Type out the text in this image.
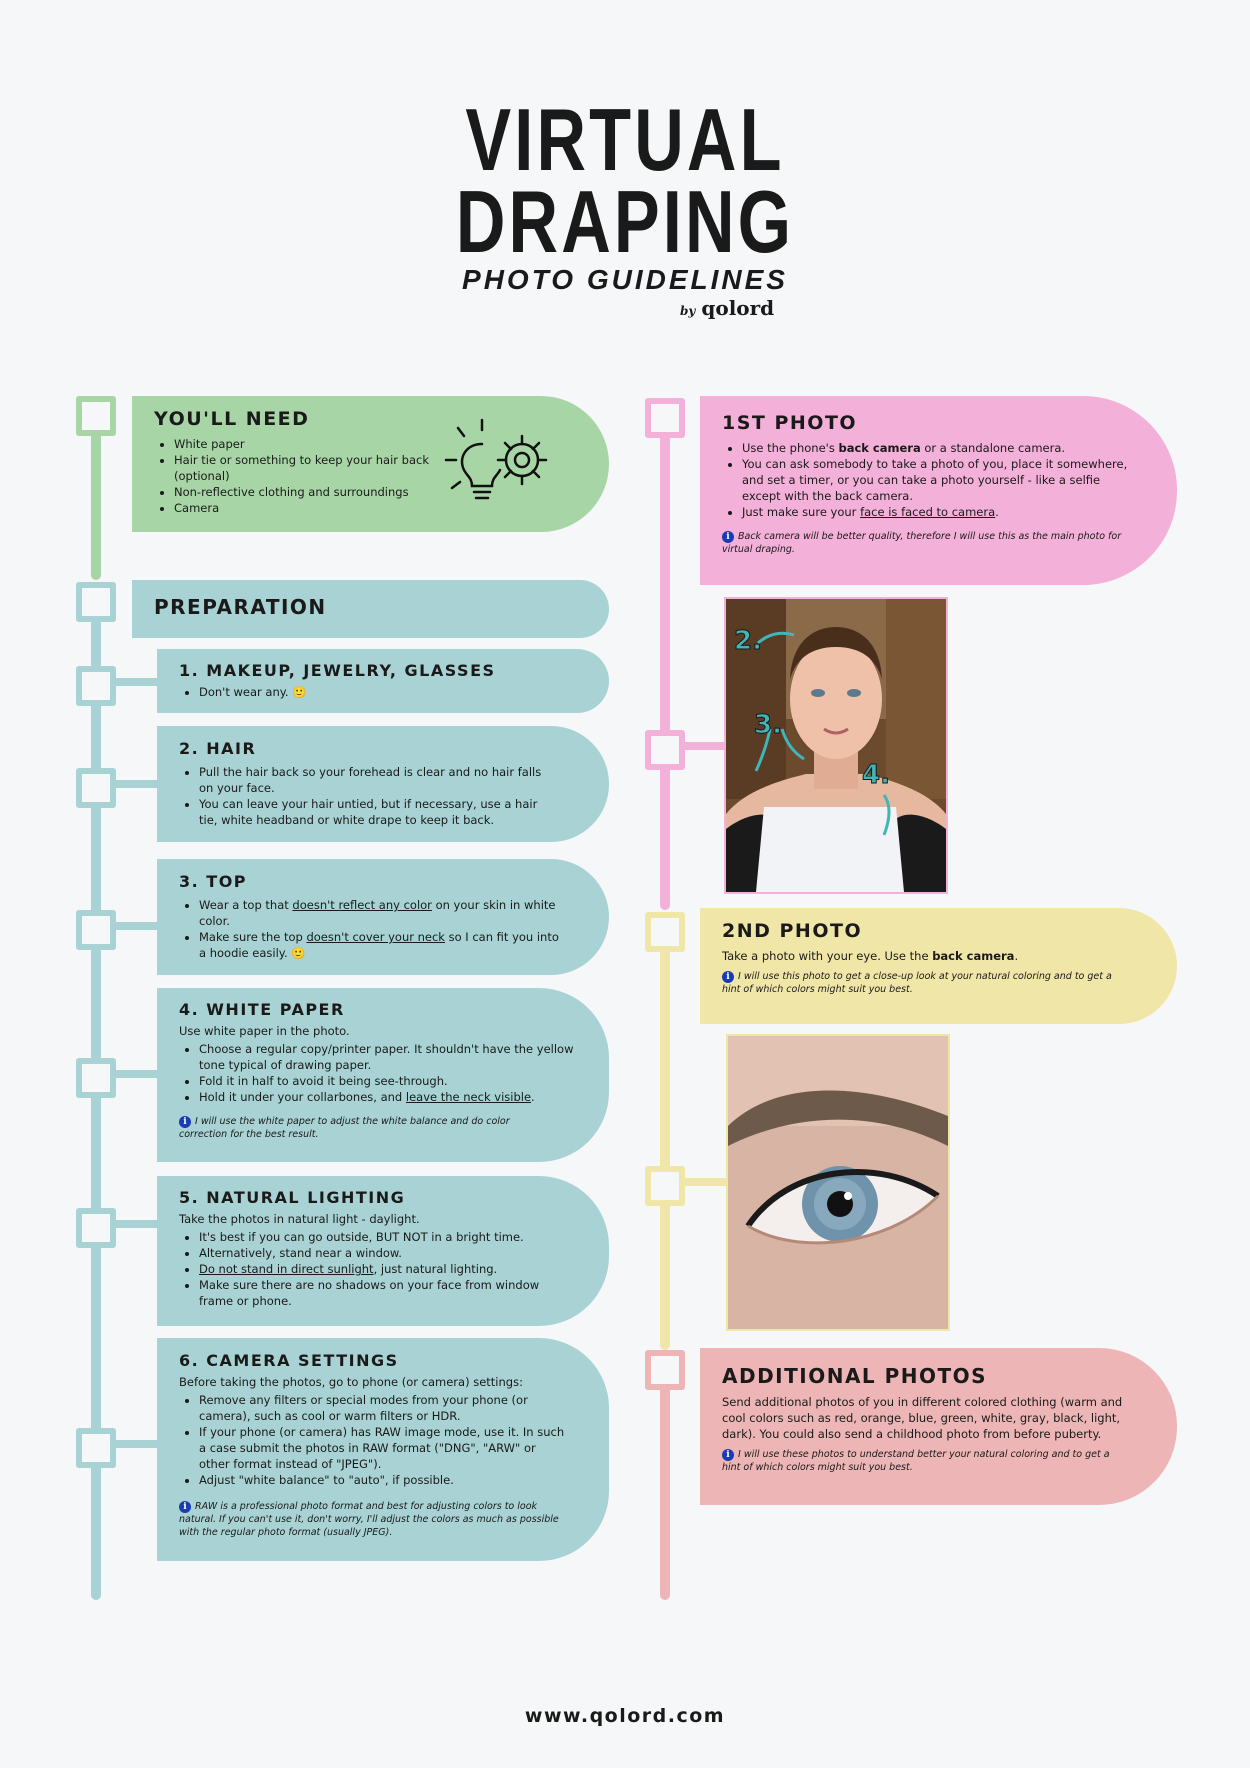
VIRTUAL
DRAPING
PHOTO GUIDELINES
by qolord
YOU'LL NEED
• White paper
• Hair tie or something to keep your hair back (optional)
• Non-reflective clothing and surroundings
• Camera
PREPARATION
1. MAKEUP, JEWELRY, GLASSES
• Don't wear any. 🙂
2. HAIR
• Pull the hair back so your forehead is clear and no hair falls on your face.
• You can leave your hair untied, but if necessary, use a hair tie, white headband or white drape to keep it back.
3. TOP
• Wear a top that doesn't reflect any color on your skin in white color.
• Make sure the top doesn't cover your neck so I can fit you into a hoodie easily. 🙂
4. WHITE PAPER

Use white paper in the photo.

• Choose a regular copy/printer paper. It shouldn't have the yellow tone typical of drawing paper.
• Fold it in half to avoid it being see-through.
• Hold it under your collarbones, and leave the neck visible.
i I will use the white paper to adjust the white balance and do color correction for the best result.
5. NATURAL LIGHTING

Take the photos in natural light - daylight.

• It's best if you can go outside, BUT NOT in a bright time.
• Alternatively, stand near a window.
• Do not stand in direct sunlight, just natural lighting.
• Make sure there are no shadows on your face from window frame or phone.
6. CAMERA SETTINGS

Before taking the photos, go to phone (or camera) settings:

• Remove any filters or special modes from your phone (or camera), such as cool or warm filters or HDR.
• If your phone (or camera) has RAW image mode, use it. In such a case submit the photos in RAW format ("DNG", "ARW" or other format instead of "JPEG").
• Adjust "white balance" to "auto", if possible.
i RAW is a professional photo format and best for adjusting colors to look natural. If you can't use it, don't worry, I'll adjust the colors as much as possible with the regular photo format (usually JPEG).
1ST PHOTO
• Use the phone's back camera or a standalone camera.
• You can ask somebody to take a photo of you, place it somewhere, and set a timer, or you can take a photo yourself - like a selfie except with the back camera.
• Just make sure your face is faced to camera.
i Back camera will be better quality, therefore I will use this as the main photo for virtual draping.
2.
3.
4.
2ND PHOTO

Take a photo with your eye. Use the back camera.

i I will use this photo to get a close-up look at your natural coloring and to get a hint of which colors might suit you best.
ADDITIONAL PHOTOS

Send additional photos of you in different colored clothing (warm and cool colors such as red, orange, blue, green, white, gray, black, light, dark). You could also send a childhood photo from before puberty.

i I will use these photos to understand better your natural coloring and to get a hint of which colors might suit you best.
www.qolord.com
